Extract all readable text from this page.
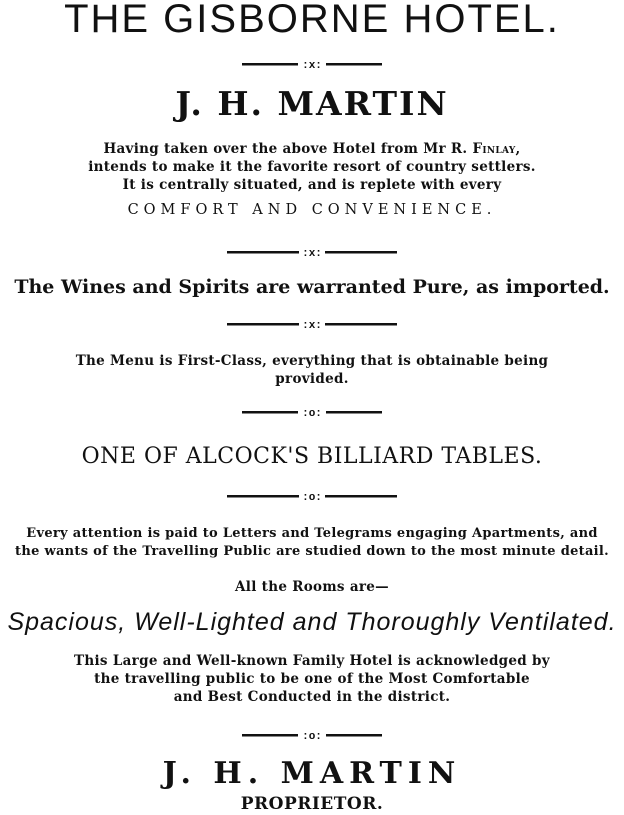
THE GISBORNE HOTEL.
:x:
J. H. MARTIN

Having taken over the above Hotel from Mr R. Finlay,

intends to make it the favorite resort of country settlers.

It is centrally situated, and is replete with every

COMFORT AND CONVENIENCE.

:x:

The Wines and Spirits are warranted Pure, as imported.

:x:

The Menu is First-Class, everything that is obtainable being

provided.

:o:

ONE OF ALCOCK'S BILLIARD TABLES.

:o:

Every attention is paid to Letters and Telegrams engaging Apartments, and

the wants of the Travelling Public are studied down to the most minute detail.

All the Rooms are—

Spacious, Well-Lighted and Thoroughly Ventilated.

This Large and Well-known Family Hotel is acknowledged by

the travelling public to be one of the Most Comfortable

and Best Conducted in the district.

:o:

J. H. MARTIN

PROPRIETOR.
